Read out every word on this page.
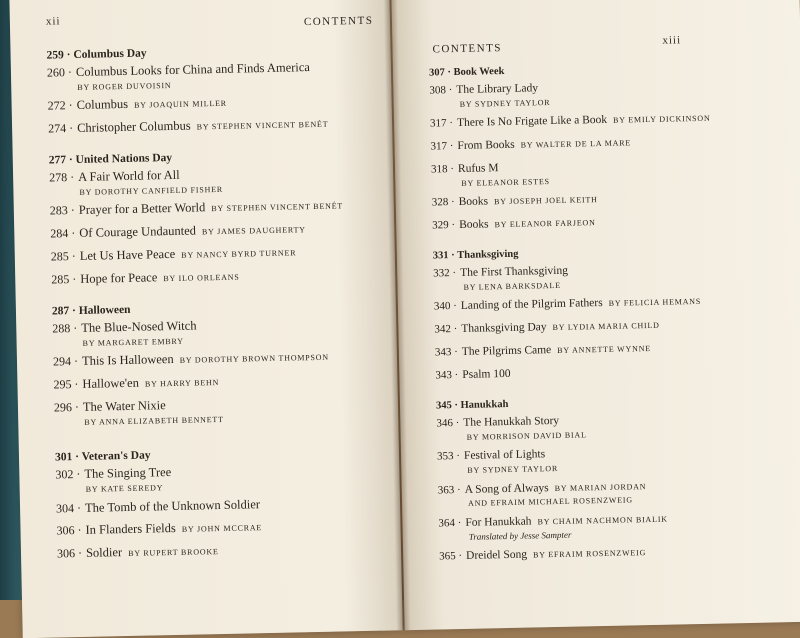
xii	CONTENTS
259 · Columbus Day
260 · Columbus Looks for China and Finds America
BY ROGER DUVOISIN
272 · Columbus BY JOAQUIN MILLER
274 · Christopher Columbus BY STEPHEN VINCENT BENÉT
277 · United Nations Day
278 · A Fair World for All
BY DOROTHY CANFIELD FISHER
283 · Prayer for a Better World BY STEPHEN VINCENT BENÉT
284 · Of Courage Undaunted BY JAMES DAUGHERTY
285 · Let Us Have Peace BY NANCY BYRD TURNER
285 · Hope for Peace BY ILO ORLEANS
287 · Halloween
288 · The Blue-Nosed Witch
BY MARGARET EMBRY
294 · This Is Halloween BY DOROTHY BROWN THOMPSON
295 · Hallowe'en BY HARRY BEHN
296 · The Water Nixie
BY ANNA ELIZABETH BENNETT
301 · Veteran's Day
302 · The Singing Tree
BY KATE SEREDY
304 · The Tomb of the Unknown Soldier
306 · In Flanders Fields BY JOHN MCCRAE
306 · Soldier BY RUPERT BROOKE
CONTENTS
xiii
307 · Book Week
308 · The Library Lady
BY SYDNEY TAYLOR
317 · There Is No Frigate Like a Book BY EMILY DICKINSON
317 · From Books BY WALTER DE LA MARE
318 · Rufus M
BY ELEANOR ESTES
328 · Books BY JOSEPH JOEL KEITH
329 · Books BY ELEANOR FARJEON
331 · Thanksgiving
332 · The First Thanksgiving
BY LENA BARKSDALE
340 · Landing of the Pilgrim Fathers BY FELICIA HEMANS
342 · Thanksgiving Day BY LYDIA MARIA CHILD
343 · The Pilgrims Came BY ANNETTE WYNNE
343 · Psalm 100
345 · Hanukkah
346 · The Hanukkah Story
BY MORRISON DAVID BIAL
353 · Festival of Lights
BY SYDNEY TAYLOR
363 · A Song of Always BY MARIAN JORDAN
AND EFRAIM MICHAEL ROSENZWEIG
364 · For Hanukkah BY CHAIM NACHMON BIALIK
Translated by Jesse Sampter
365 · Dreidel Song BY EFRAIM ROSENZWEIG
